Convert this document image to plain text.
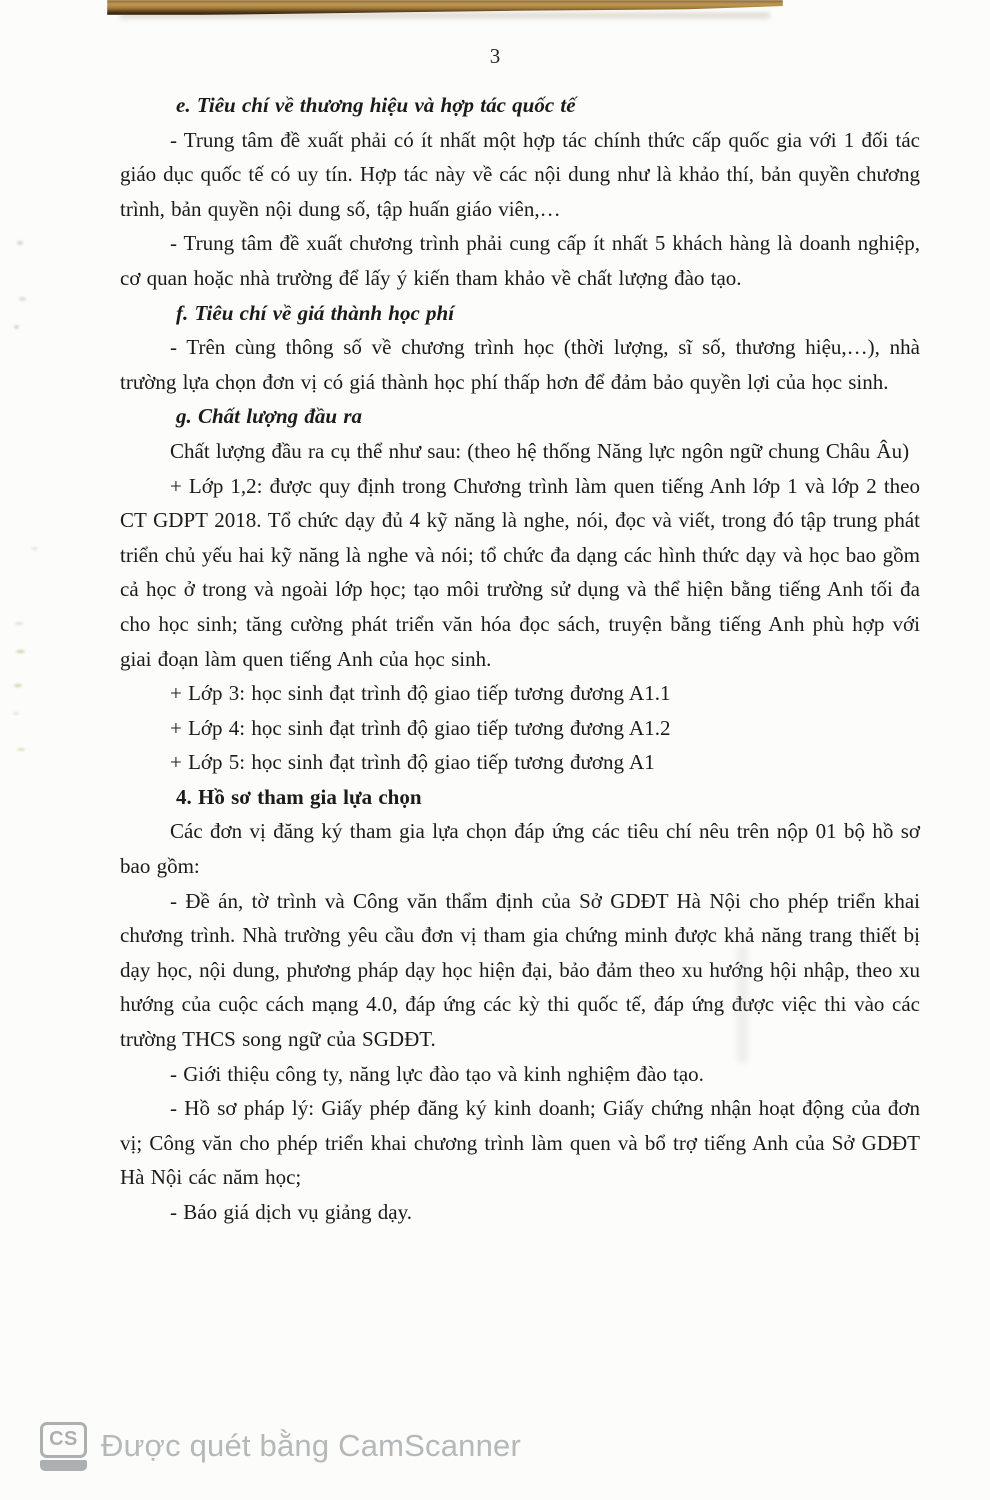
3

e. Tiêu chí về thương hiệu và hợp tác quốc tế

- Trung tâm đề xuất phải có ít nhất một hợp tác chính thức cấp quốc gia với 1 đối tác giáo dục quốc tế có uy tín. Hợp tác này về các nội dung như là khảo thí, bản quyền chương trình, bản quyền nội dung số, tập huấn giáo viên,…

- Trung tâm đề xuất chương trình phải cung cấp ít nhất 5 khách hàng là doanh nghiệp, cơ quan hoặc nhà trường để lấy ý kiến tham khảo về chất lượng đào tạo.

f. Tiêu chí về giá thành học phí

- Trên cùng thông số về chương trình học (thời lượng, sĩ số, thương hiệu,…), nhà trường lựa chọn đơn vị có giá thành học phí thấp hơn để đảm bảo quyền lợi của học sinh.

g. Chất lượng đầu ra

Chất lượng đầu ra cụ thể như sau: (theo hệ thống Năng lực ngôn ngữ chung Châu Âu)

+ Lớp 1,2: được quy định trong Chương trình làm quen tiếng Anh lớp 1 và lớp 2 theo CT GDPT 2018. Tổ chức dạy đủ 4 kỹ năng là nghe, nói, đọc và viết, trong đó tập trung phát triển chủ yếu hai kỹ năng là nghe và nói; tổ chức đa dạng các hình thức dạy và học bao gồm cả học ở trong và ngoài lớp học; tạo môi trường sử dụng và thể hiện bằng tiếng Anh tối đa cho học sinh; tăng cường phát triển văn hóa đọc sách, truyện bằng tiếng Anh phù hợp với giai đoạn làm quen tiếng Anh của học sinh.

+ Lớp 3: học sinh đạt trình độ giao tiếp tương đương A1.1

+ Lớp 4: học sinh đạt trình độ giao tiếp tương đương A1.2

+ Lớp 5: học sinh đạt trình độ giao tiếp tương đương A1

4. Hồ sơ tham gia lựa chọn

Các đơn vị đăng ký tham gia lựa chọn đáp ứng các tiêu chí nêu trên nộp 01 bộ hồ sơ bao gồm:

- Đề án, tờ trình và Công văn thẩm định của Sở GDĐT Hà Nội cho phép triển khai chương trình. Nhà trường yêu cầu đơn vị tham gia chứng minh được khả năng trang thiết bị dạy học, nội dung, phương pháp dạy học hiện đại, bảo đảm theo xu hướng hội nhập, theo xu hướng của cuộc cách mạng 4.0, đáp ứng các kỳ thi quốc tế, đáp ứng được việc thi vào các trường THCS song ngữ của SGDĐT.

- Giới thiệu công ty, năng lực đào tạo và kinh nghiệm đào tạo.

- Hồ sơ pháp lý: Giấy phép đăng ký kinh doanh; Giấy chứng nhận hoạt động của đơn vị; Công văn cho phép triển khai chương trình làm quen và bổ trợ tiếng Anh của Sở GDĐT Hà Nội các năm học;

- Báo giá dịch vụ giảng dạy.

CS Được quét bằng CamScanner
